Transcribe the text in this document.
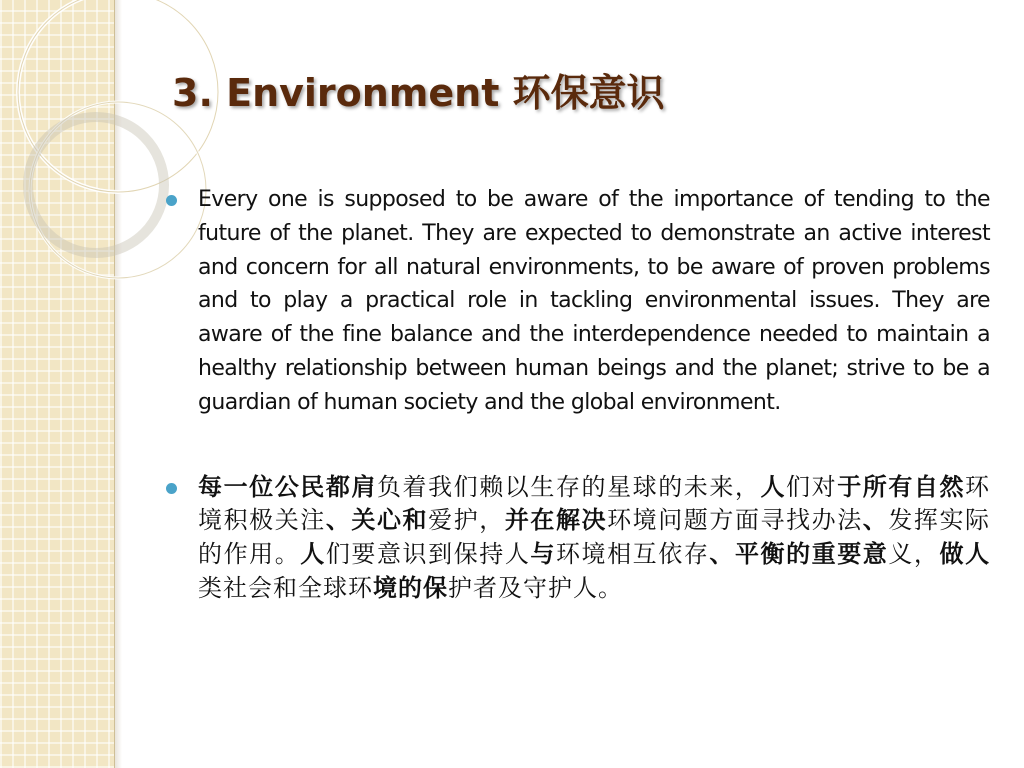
3. Environment 环保意识

Every one is supposed to be aware of the importance of tending to the future of the planet. They are expected to demonstrate an active interest and concern for all natural environments, to be aware of proven problems and to play a practical role in tackling environmental issues. They are aware of the fine balance and the interdependence needed to maintain a healthy relationship between human beings and the planet; strive to be a guardian of human society and the global environment.

每一位公民都肩负着我们赖以生存的星球的未来，人们对于所有自然环境积极关注、关心和爱护，并在解决环境问题方面寻找办法、发挥实际的作用。人们要意识到保持人与环境相互依存、平衡的重要意义，做人类社会和全球环境的保护者及守护人。
